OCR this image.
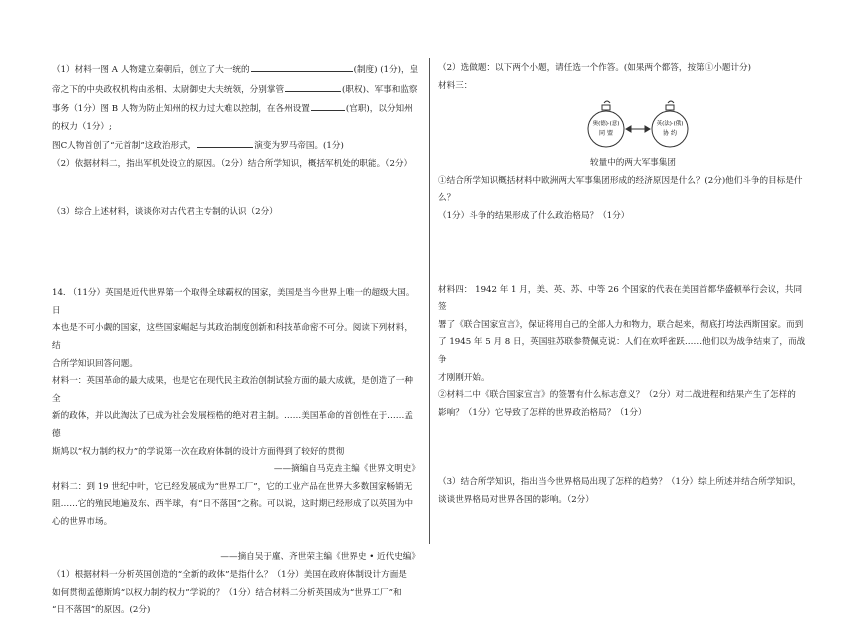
（1）材料一图 A 人物建立秦朝后，创立了大一统的	(制度) (1分)，皇

帝之下的中央政权机构由丞相、太尉御史大夫统领，分别掌管	(职权)、军事和监察

事务（1分）图 B 人物为防止知州的权力过大难以控制，在各州设置	(官职)，以分知州

的权力（1分）;

图C人物首创了“元首制”这政治形式，	演变为罗马帝国。(1分)

（2）依据材料二，指出军机处设立的原因。（2分）结合所学知识，概括军机处的职能。（2分）

（3）综合上述材料，谈谈你对古代君主专制的认识（2分）

14. （11分）英国是近代世界第一个取得全球霸权的国家，美国是当今世界上唯一的超级大国。日

本也是不可小觑的国家，这些国家崛起与其政治制度创新和科技革命密不可分。阅读下列材料，结

合所学知识回答问题。

材料一：英国革命的最大成果，也是它在现代民主政治创制试验方面的最大成就，是创造了一种全

新的政体，并以此淘汰了已成为社会发展桎梏的绝对君主制。……美国革命的首创性在于……孟德

斯鸠以“权力制约权力”的学说第一次在政府体制的设计方面得到了较好的贯彻

——摘编自马克垚主编《世界文明史》

材料二：到 19 世纪中叶，它已经发展成为“世界工厂”，它的工业产品在世界大多数国家畅销无

阻……它的殖民地遍及东、西半球，有“日不落国”之称。可以说，这时期已经形成了以英国为中

心的世界市场。

——摘自吴于廑、齐世荣主编《世界史 • 近代史编》

（1）根据材料一分析英国创造的“全新的政体”是指什么？（1分）美国在政府体制设计方面是

如何贯彻孟德斯鸠“以权力制约权力”学说的？（1分）结合材料二分析英国成为“世界工厂”和

“日不落国”的原因。(2分)

（2）选做题：以下两个小题，请任选一个作答。(如果两个都答，按第①小题计分)

材料三：

奥(德)·(意)
同 盟
英(法)·(俄)
协 约

较量中的两大军事集团

①结合所学知识概括材料中欧洲两大军事集团形成的经济原因是什么？(2分)他们斗争的目标是什么？

（1分）斗争的结果形成了什么政治格局？（1分）

材料四： 1942 年 1 月，美、英、苏、中等 26 个国家的代表在美国首都华盛顿举行会议，共同签

署了《联合国家宣言》，保证将用自己的全部人力和物力，联合起来，彻底打垮法西斯国家。而到

了 1945 年 5 月 8 日，英国驻苏联参赞佩克说：人们在欢呼雀跃……他们以为战争结束了，而战争

才刚刚开始。

②材料二中《联合国家宣言》的签署有什么标志意义？（2分）对二战进程和结果产生了怎样的

影响？（1分）它导致了怎样的世界政治格局？（1分）

（3）结合所学知识，指出当今世界格局出现了怎样的趋势？（1分）综上所述并结合所学知识，

谈谈世界格局对世界各国的影响。（2分）
